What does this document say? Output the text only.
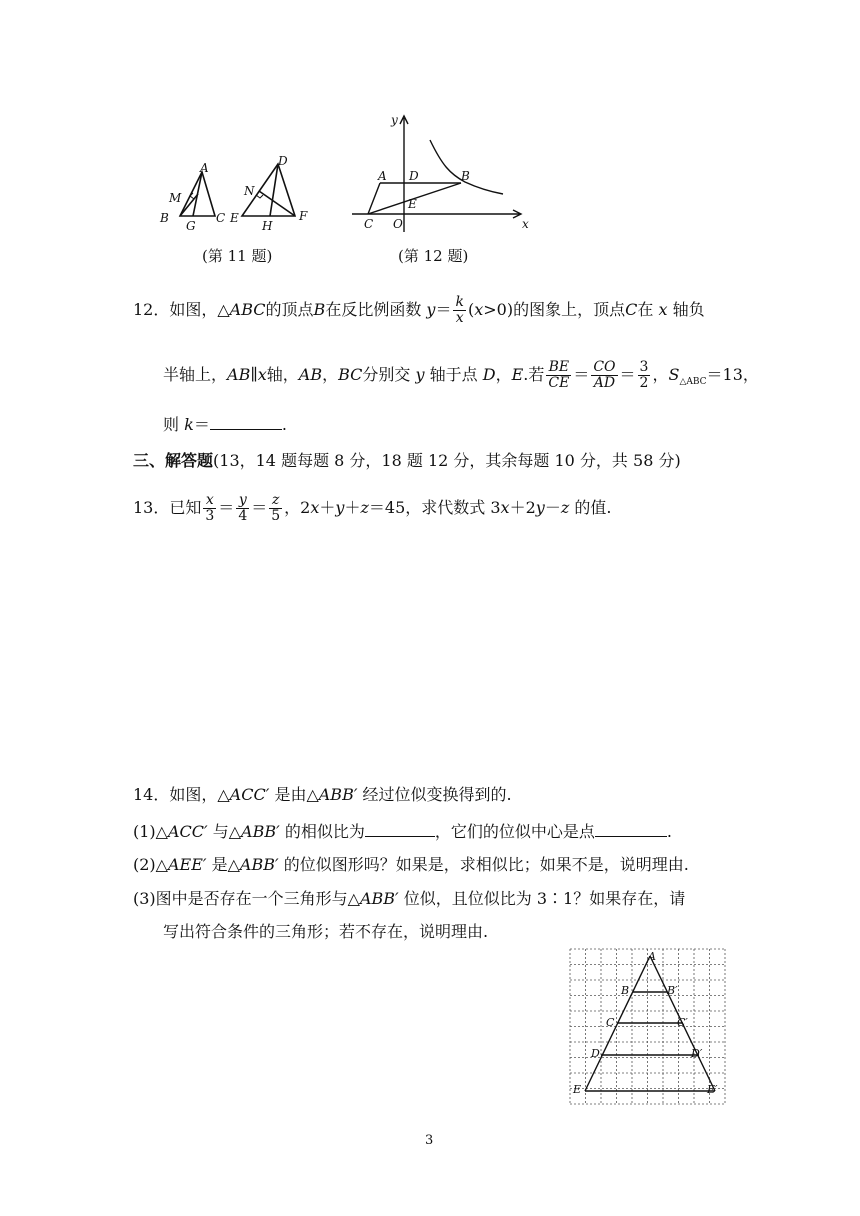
A
M
B
G
C
D
N
E
H
F
(第 11 题)
y
x
A D	B
C O
E
(第 12 题)
12．如图，△ABC的顶点B在反比例函数 $y= \frac{k}{x} (x>0)$的图象上，顶点C在 x 轴负
半轴上，AB∥x轴，AB，BC分别交 y 轴于点 D，E.若 $\frac{BE}{CE} = \frac{CO}{AD} = \frac{3}{2}$ ，$S_{\triangle ABC}=13$，
则 k＝	.
三、解答题(13，14 题每题 8 分，18 题 12 分，其余每题 10 分，共 58 分)
13．已知 $\frac{x}{3} = \frac{y}{4} = \frac{z}{5}$ ，2x＋y＋z＝45，求代数式 3x＋2y－z 的值.
14．如图，△ACC′ 是由△ABB′ 经过位似变换得到的.
(1)△ACC′ 与△ABB′ 的相似比为	，它们的位似中心是点	.
(2)△AEE′ 是△ABB′ 的位似图形吗？如果是，求相似比；如果不是，说明理由.
(3)图中是否存在一个三角形与△ABB′ 位似，且位似比为 3∶1？如果存在，请
写出符合条件的三角形；若不存在，说明理由.
A
B	B′
C	C′
D	D′
E	E′
3
